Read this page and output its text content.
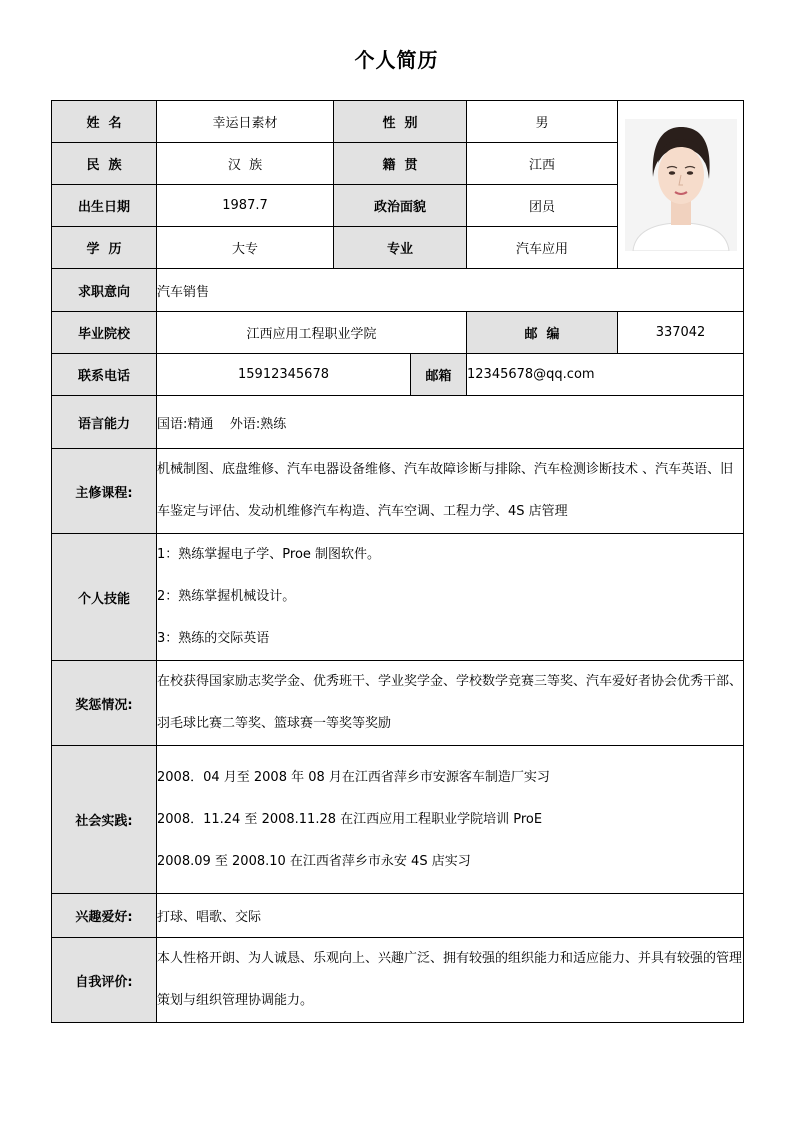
个人简历
姓  名	幸运日素材	性  别		男	

民  族	汉  族	籍  贯		江西	
出生日期	1987.7	政治面貌		团员	
学  历	大专	专业		汽车应用	
求职意向	汽车销售				
毕业院校	江西应用工程职业学院			邮  编	337042
联系电话	15912345678		邮箱	12345678@qq.com	
语言能力	国语:精通    外语:熟练				
主修课程:	机械制图、底盘维修、汽车电器设备维修、汽车故障诊断与排除、汽车检测诊断技术 、汽车英语、旧车鉴定与评估、发动机维修汽车构造、汽车空调、工程力学、4S 店管理				
个人技能	1：熟练掌握电子学、Proe 制图软件。
2：熟练掌握机械设计。
3：熟练的交际英语				

奖惩情况:	在校获得国家励志奖学金、优秀班干、学业奖学金、学校数学竞赛三等奖、汽车爱好者协会优秀干部、羽毛球比赛二等奖、篮球赛一等奖等奖励				
社会实践:	2008．04 月至 2008 年 08 月在江西省萍乡市安源客车制造厂实习
2008．11.24 至 2008.11.28 在江西应用工程职业学院培训 ProE
2008.09 至 2008.10 在江西省萍乡市永安 4S 店实习				

兴趣爱好:	打球、唱歌、交际				
自我评价:	本人性格开朗、为人诚恳、乐观向上、兴趣广泛、拥有较强的组织能力和适应能力、并具有较强的管理策划与组织管理协调能力。				
